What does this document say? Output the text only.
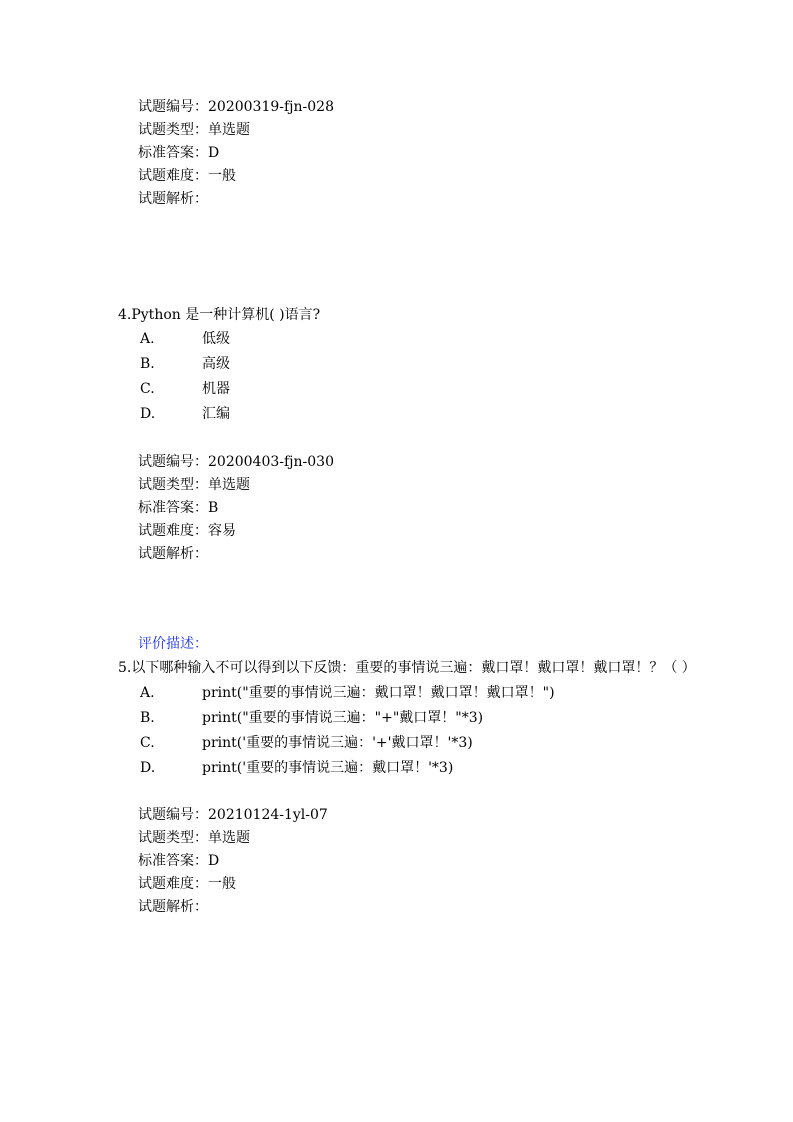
试题编号：20200319-fjn-028
试题类型：单选题
标准答案：D
试题难度：一般
试题解析：
4.Python 是一种计算机( )语言?
A.	低级
B.	高级
C.	机器
D.	汇编
试题编号：20200403-fjn-030
试题类型：单选题
标准答案：B
试题难度：容易
试题解析：
评价描述：
5.以下哪种输入不可以得到以下反馈：重要的事情说三遍：戴口罩！戴口罩！戴口罩！？（ ）
A.	print("重要的事情说三遍：戴口罩！戴口罩！戴口罩！")
B.	print("重要的事情说三遍："+"戴口罩！"*3)
C.	print('重要的事情说三遍：'+'戴口罩！'*3)
D.	print('重要的事情说三遍：戴口罩！'*3)
试题编号：20210124-1yl-07
试题类型：单选题
标准答案：D
试题难度：一般
试题解析：
